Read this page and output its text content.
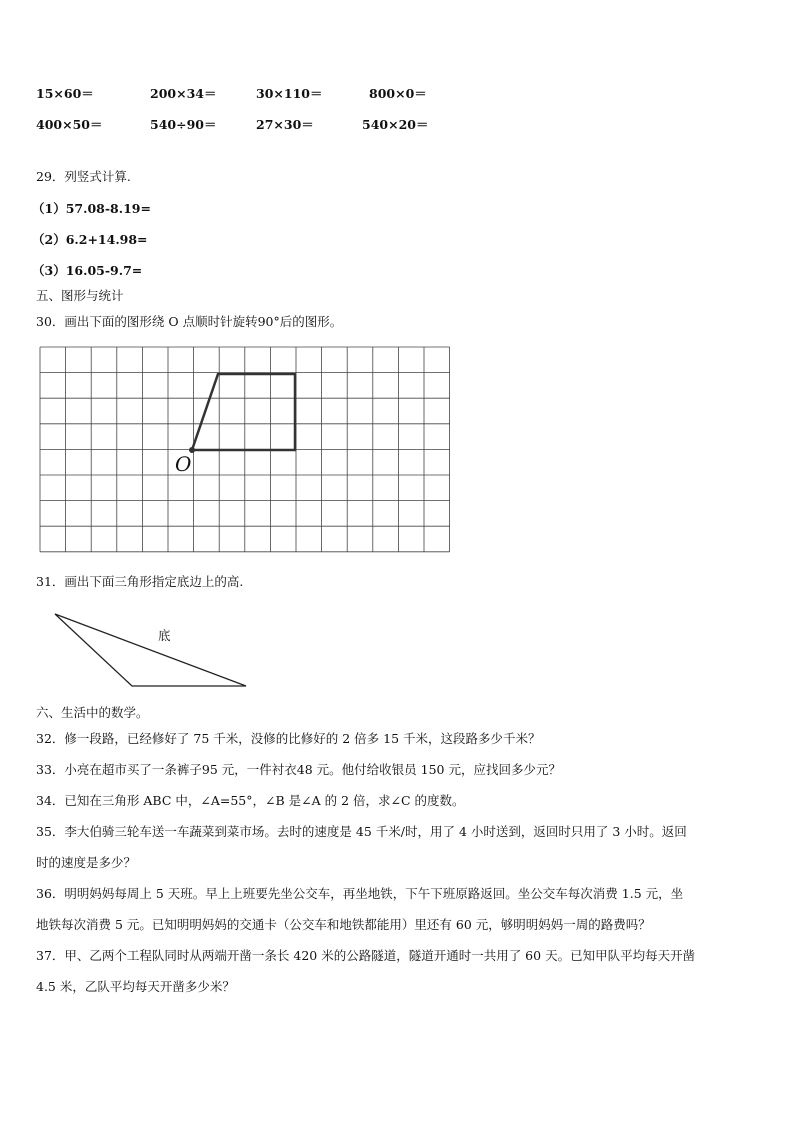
15×60＝	200×34＝	30×110＝	800×0＝
400×50＝	540÷90＝	27×30＝	540×20＝
29．列竖式计算.
（1）57.08-8.19=
（2）6.2+14.98=
（3）16.05-9.7=
五、图形与统计
30．画出下面的图形绕 O 点顺时针旋转90°后的图形。
O
31．画出下面三角形指定底边上的高.
底
六、生活中的数学。
32．修一段路，已经修好了 75 千米，没修的比修好的 2 倍多 15 千米，这段路多少千米？
33．小亮在超市买了一条裤子95 元，一件衬衣48 元。他付给收银员 150 元，应找回多少元？
34．已知在三角形 ABC 中，∠A=55°，∠B 是∠A 的 2 倍，求∠C 的度数。
35．李大伯骑三轮车送一车蔬菜到菜市场。去时的速度是 45 千米/时，用了 4 小时送到，返回时只用了 3 小时。返回
时的速度是多少？
36．明明妈妈每周上 5 天班。早上上班要先坐公交车，再坐地铁，下午下班原路返回。坐公交车每次消费 1.5 元，坐
地铁每次消费 5 元。已知明明妈妈的交通卡（公交车和地铁都能用）里还有 60 元，够明明妈妈一周的路费吗？
37．甲、乙两个工程队同时从两端开凿一条长 420 米的公路隧道，隧道开通时一共用了 60 天。已知甲队平均每天开凿
4.5 米，乙队平均每天开凿多少米？
